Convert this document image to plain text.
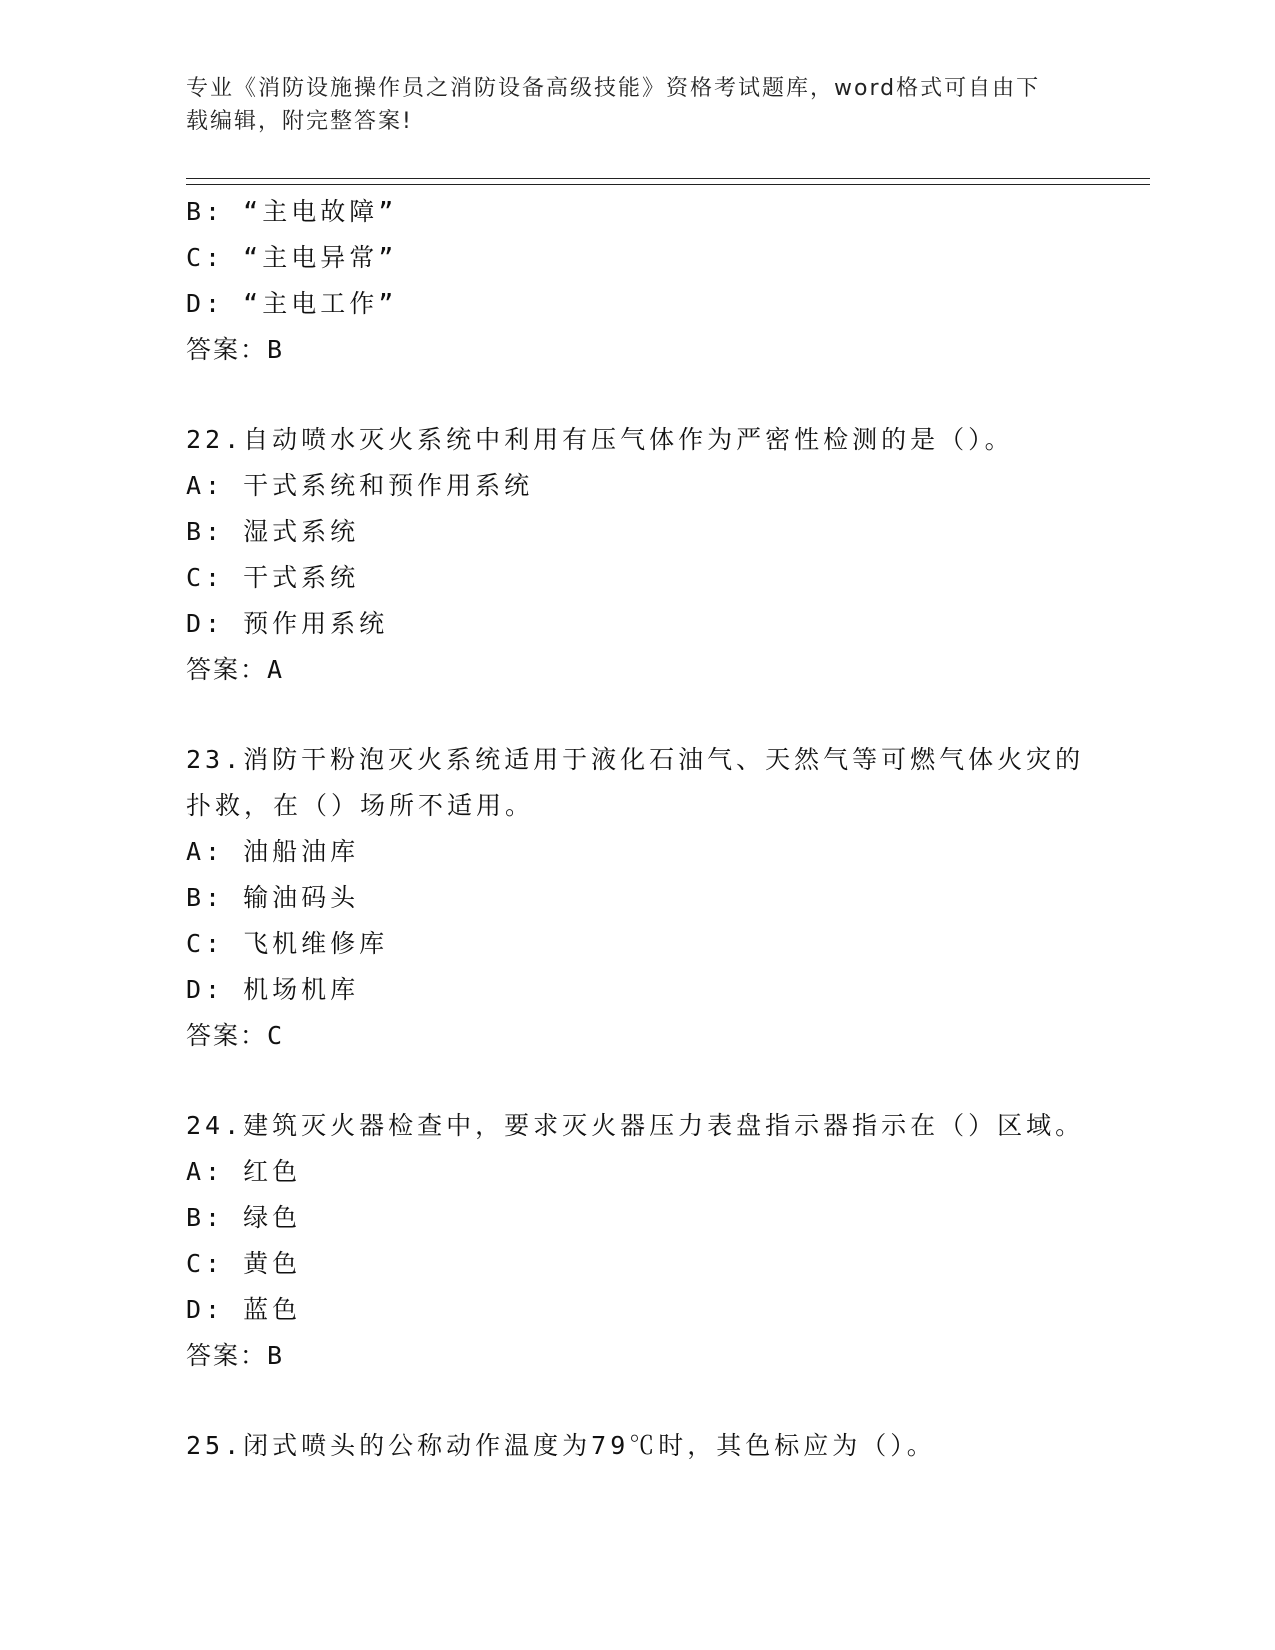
专业《消防设施操作员之消防设备高级技能》资格考试题库，word格式可自由下
载编辑，附完整答案!
B: “主电故障”
C: “主电异常”
D: “主电工作”
答案：B
22.自动喷水灭火系统中利用有压气体作为严密性检测的是（）。
A: 干式系统和预作用系统
B: 湿式系统
C: 干式系统
D: 预作用系统
答案：A
23.消防干粉泡灭火系统适用于液化石油气、天然气等可燃气体火灾的
扑救，在（）场所不适用。
A: 油船油库
B: 输油码头
C: 飞机维修库
D: 机场机库
答案：C
24.建筑灭火器检查中，要求灭火器压力表盘指示器指示在（）区域。
A: 红色
B: 绿色
C: 黄色
D: 蓝色
答案：B
25.闭式喷头的公称动作温度为79℃时，其色标应为（）。
